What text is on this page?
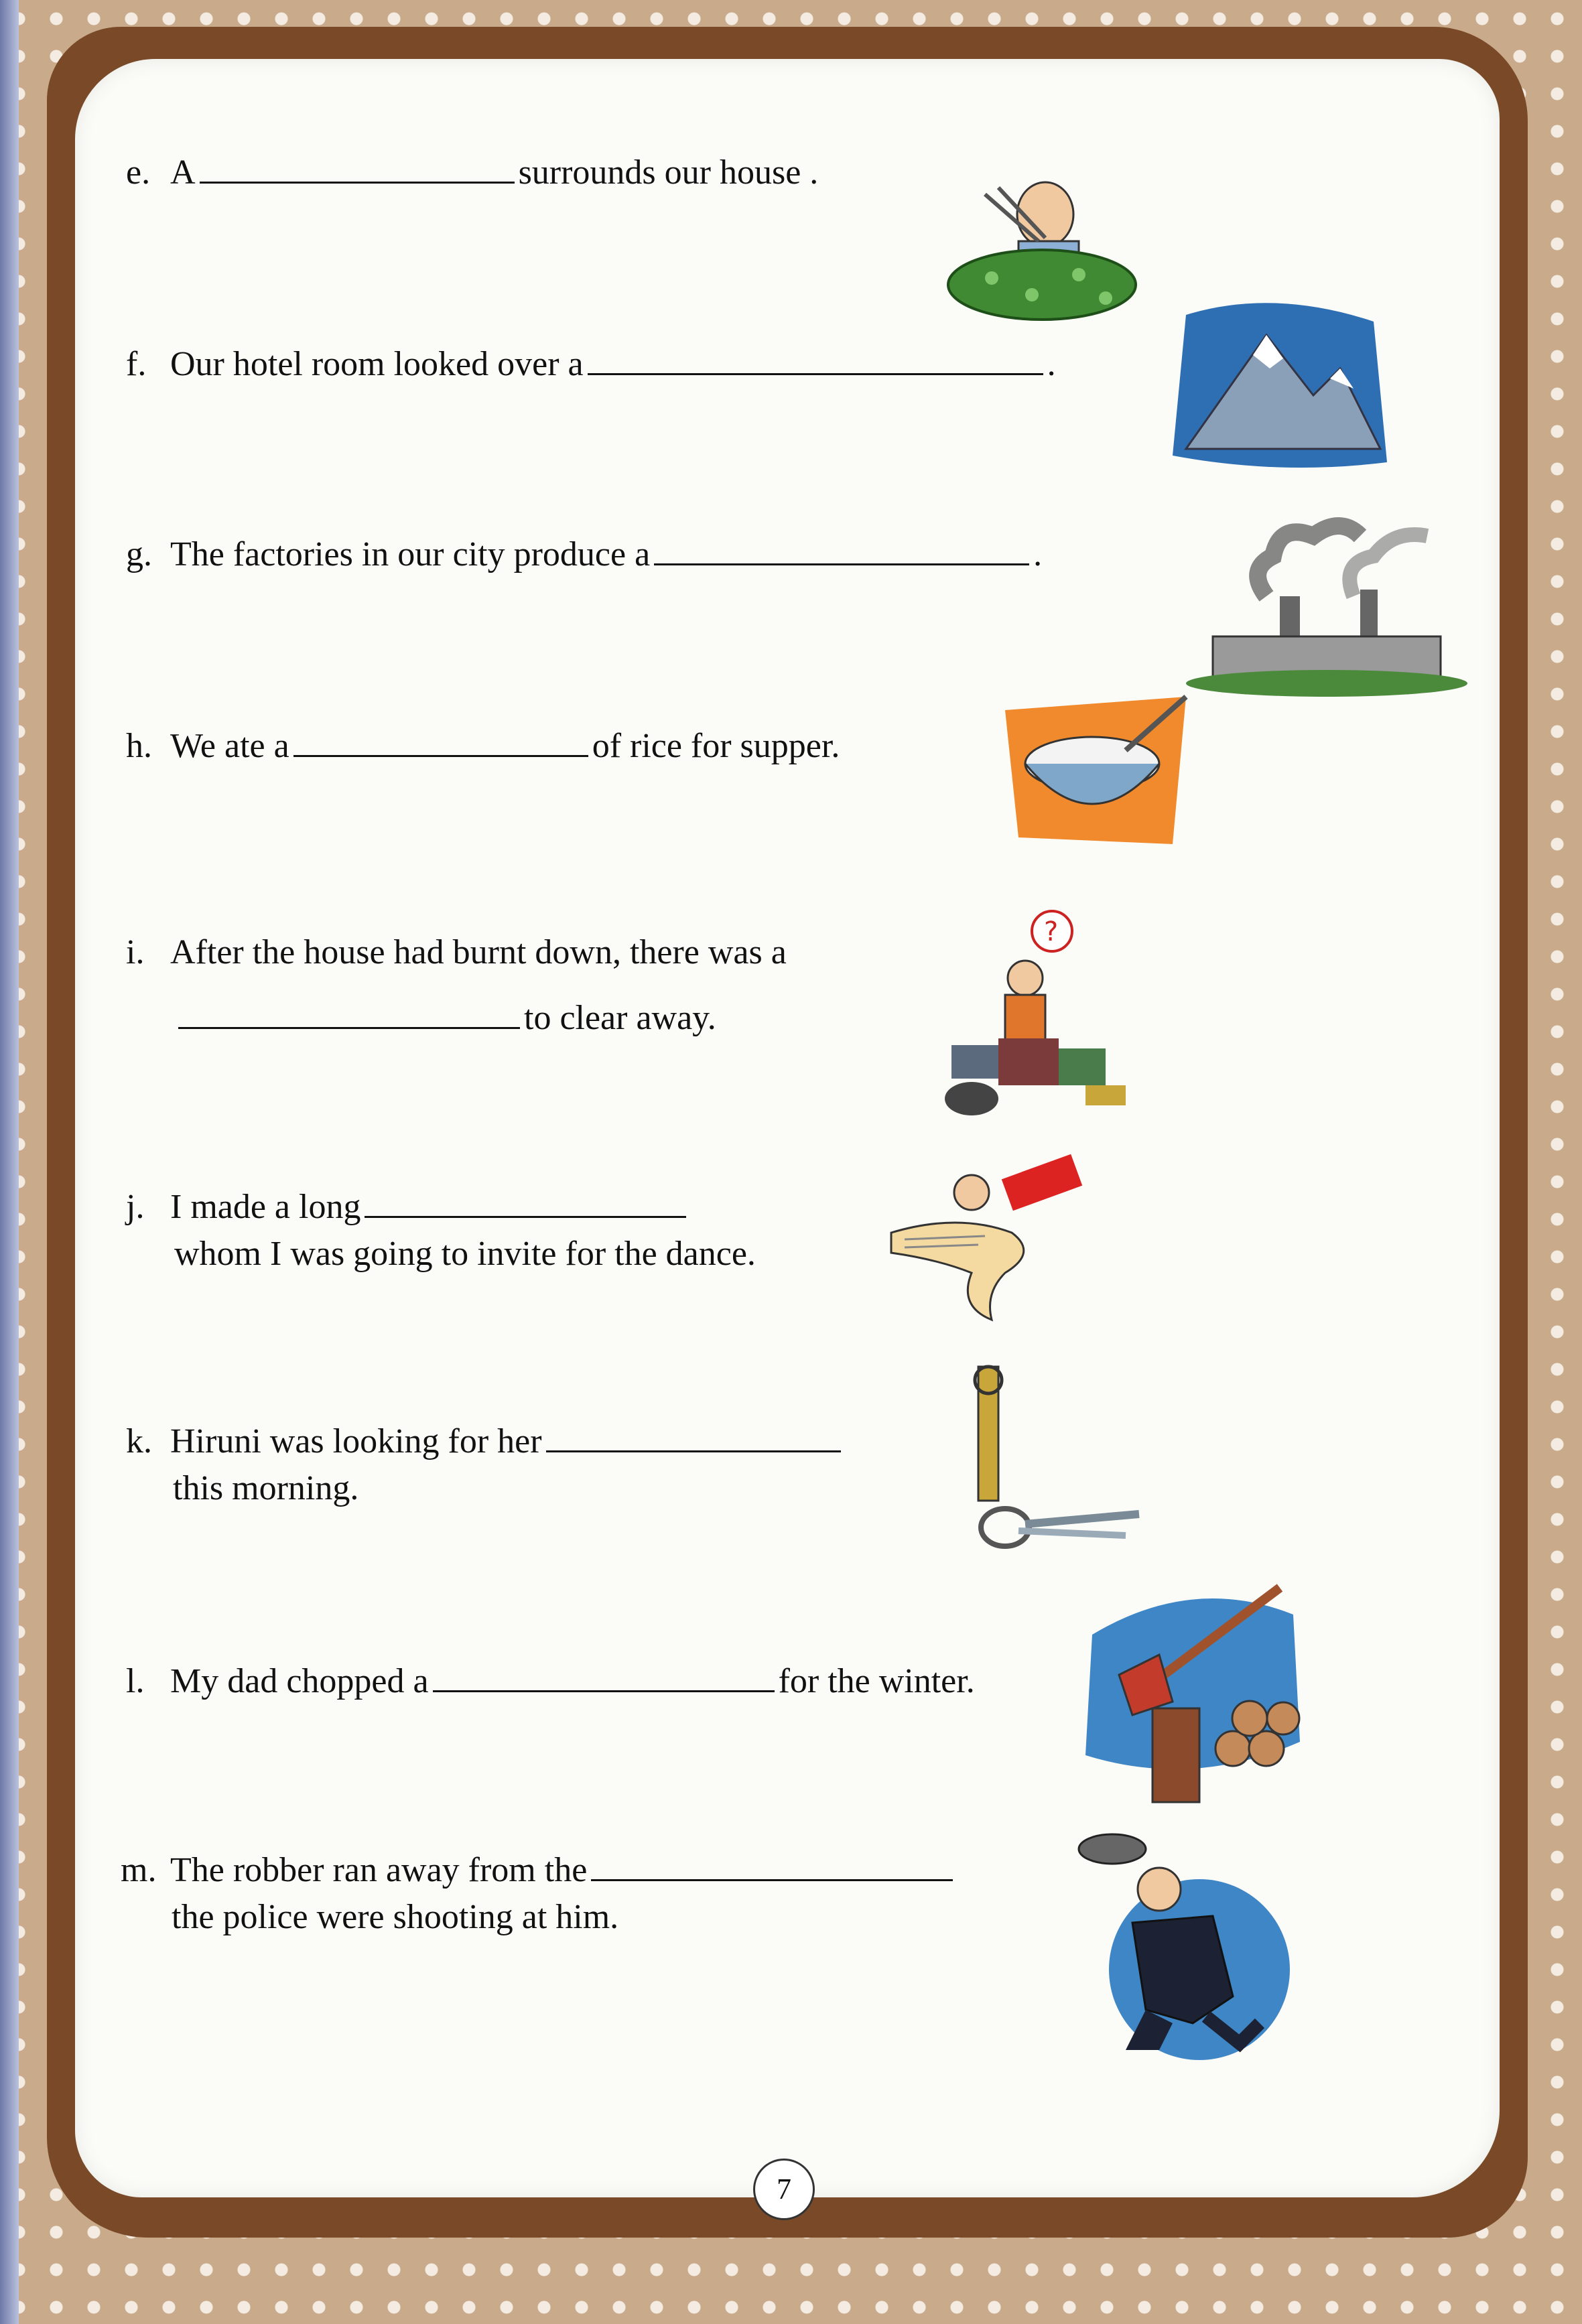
e. A	surrounds our house .
f. Our hotel room looked over a	.
g. The factories in our city produce a	.
h. We ate a	of rice for supper.
i. After the house had burnt down, there was a
to clear away.
j. I made a long
whom I was going to invite for the dance.
k. Hiruni was looking for her
this morning.
l. My dad chopped a	for the winter.
m. The robber ran away from the
the police were shooting at him.
?
7
